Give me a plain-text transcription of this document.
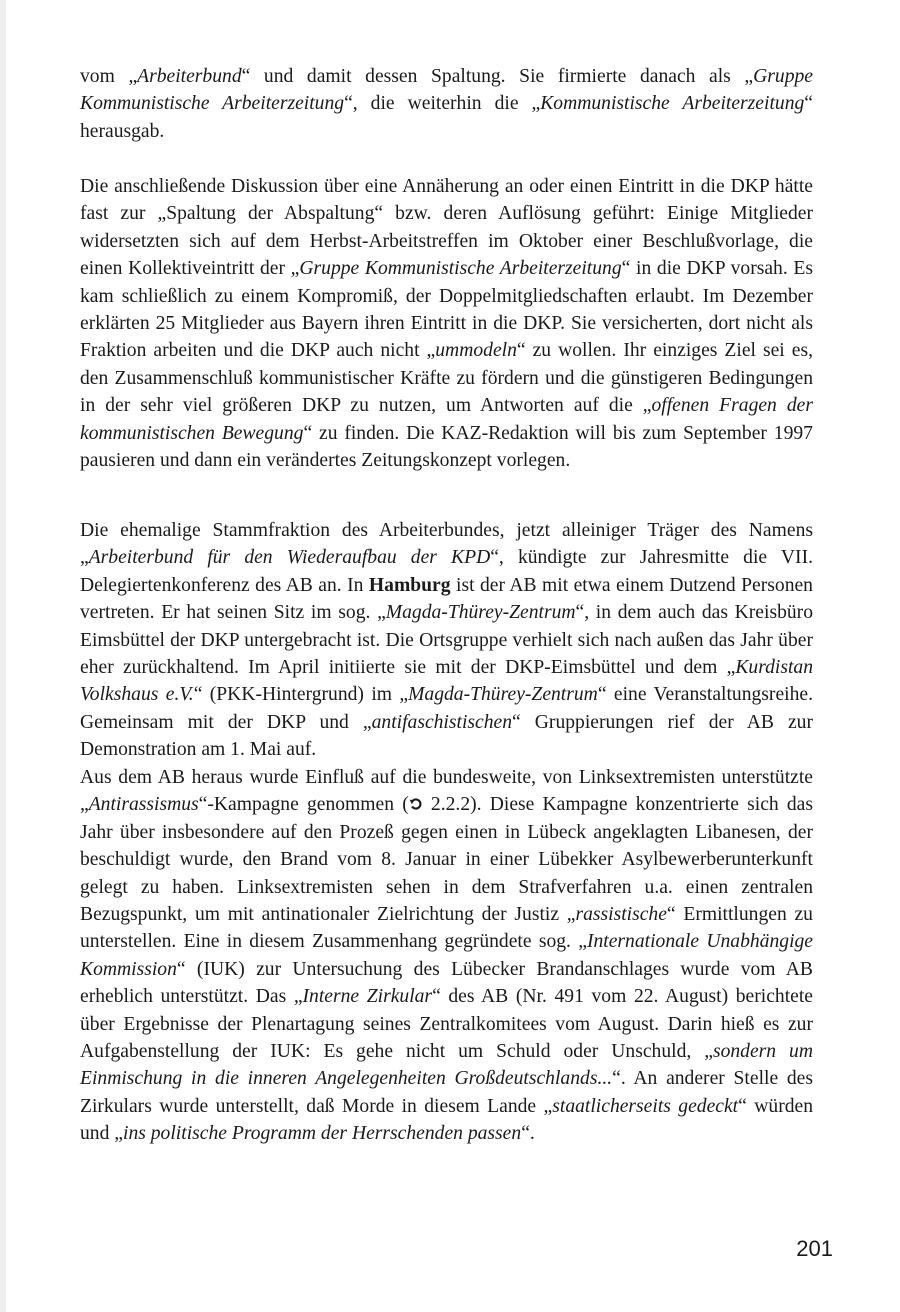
vom „Arbeiterbund“ und damit dessen Spaltung. Sie firmierte danach als „Gruppe Kommunistische Arbeiterzeitung“, die weiterhin die „Kommunistische Arbeiterzeitung“ herausgab.

Die anschließende Diskussion über eine Annäherung an oder einen Eintritt in die DKP hätte fast zur „Spaltung der Abspaltung“ bzw. deren Auflösung geführt: Einige Mitglieder widersetzten sich auf dem Herbst-Arbeitstreffen im Oktober einer Beschlußvorlage, die einen Kollektiveintritt der „Gruppe Kommunistische Arbeiterzeitung“ in die DKP vorsah. Es kam schließlich zu einem Kompromiß, der Doppelmitgliedschaften erlaubt. Im Dezember erklärten 25 Mitglieder aus Bayern ihren Eintritt in die DKP. Sie versicherten, dort nicht als Fraktion arbeiten und die DKP auch nicht „ummodeln“ zu wollen. Ihr einziges Ziel sei es, den Zusammenschluß kommunistischer Kräfte zu fördern und die günstigeren Bedingungen in der sehr viel größeren DKP zu nutzen, um Antworten auf die „offenen Fragen der kommunistischen Bewegung“ zu finden. Die KAZ-Redaktion will bis zum September 1997 pausieren und dann ein verändertes Zeitungskonzept vorlegen.

Die ehemalige Stammfraktion des Arbeiterbundes, jetzt alleiniger Träger des Namens „Arbeiterbund für den Wiederaufbau der KPD“, kündigte zur Jahresmitte die VII. Delegiertenkonferenz des AB an. In Hamburg ist der AB mit etwa einem Dutzend Personen vertreten. Er hat seinen Sitz im sog. „Magda-Thürey-Zentrum“, in dem auch das Kreisbüro Eimsbüttel der DKP untergebracht ist. Die Ortsgruppe verhielt sich nach außen das Jahr über eher zurückhaltend. Im April initiierte sie mit der DKP-Eimsbüttel und dem „Kurdistan Volkshaus e.V.“ (PKK-Hintergrund) im „Magda-Thürey-Zentrum“ eine Veranstaltungsreihe. Gemeinsam mit der DKP und „antifaschistischen“ Gruppierungen rief der AB zur Demonstration am 1. Mai auf.

Aus dem AB heraus wurde Einfluß auf die bundesweite, von Linksextremisten unterstützte „Antirassismus“-Kampagne genommen ( 2.2.2). Diese Kampagne konzentrierte sich das Jahr über insbesondere auf den Prozeß gegen einen in Lübeck angeklagten Libanesen, der beschuldigt wurde, den Brand vom 8. Januar in einer Lübekker Asylbewerberunterkunft gelegt zu haben. Linksextremisten sehen in dem Strafverfahren u.a. einen zentralen Bezugspunkt, um mit antinationaler Zielrichtung der Justiz „rassistische“ Ermittlungen zu unterstellen. Eine in diesem Zusammenhang gegründete sog. „Internationale Unabhängige Kommission“ (IUK) zur Untersuchung des Lübecker Brandanschlages wurde vom AB erheblich unterstützt. Das „Interne Zirkular“ des AB (Nr. 491 vom 22. August) berichtete über Ergebnisse der Plenartagung seines Zentralkomitees vom August. Darin hieß es zur Aufgabenstellung der IUK: Es gehe nicht um Schuld oder Unschuld, „sondern um Einmischung in die inneren Angelegenheiten Großdeutschlands...“. An anderer Stelle des Zirkulars wurde unterstellt, daß Morde in diesem Lande „staatlicherseits gedeckt“ würden und „ins politische Programm der Herrschenden passen“.

201
